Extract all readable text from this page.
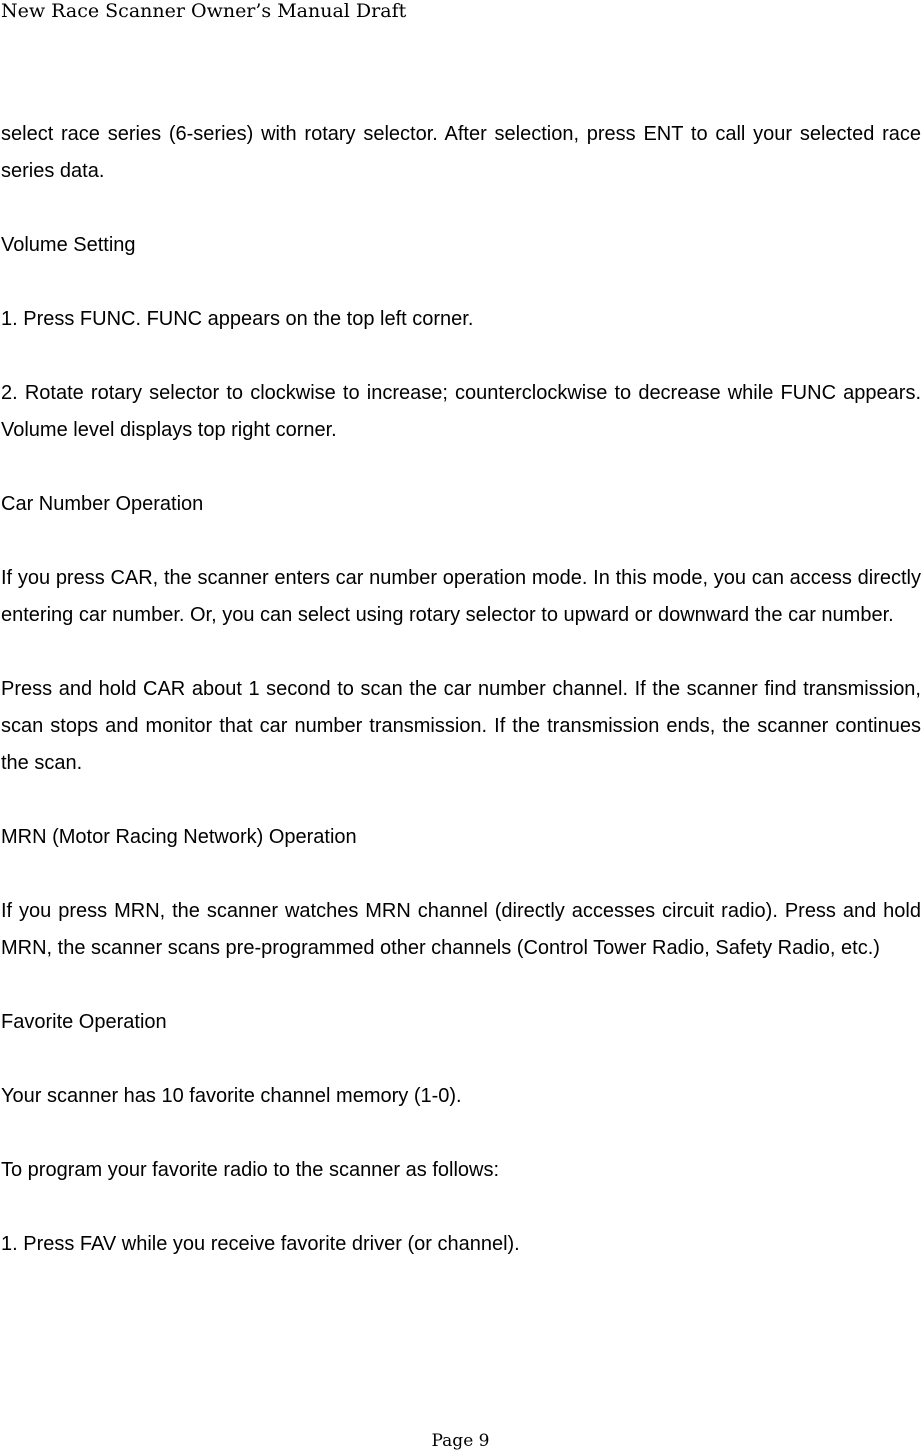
New Race Scanner Owner’s Manual Draft

select race series (6-series) with rotary selector. After selection, press ENT to call your selected race series data.

Volume Setting

1. Press FUNC. FUNC appears on the top left corner.

2. Rotate rotary selector to clockwise to increase; counterclockwise to decrease while FUNC appears. Volume level displays top right corner.

Car Number Operation

If you press CAR, the scanner enters car number operation mode. In this mode, you can access directly entering car number. Or, you can select using rotary selector to upward or downward the car number.

Press and hold CAR about 1 second to scan the car number channel. If the scanner find transmission, scan stops and monitor that car number transmission. If the transmission ends, the scanner continues the scan.

MRN (Motor Racing Network) Operation

If you press MRN, the scanner watches MRN channel (directly accesses circuit radio). Press and hold MRN, the scanner scans pre-programmed other channels (Control Tower Radio, Safety Radio, etc.)

Favorite Operation

Your scanner has 10 favorite channel memory (1-0).

To program your favorite radio to the scanner as follows:

1. Press FAV while you receive favorite driver (or channel).

Page 9
